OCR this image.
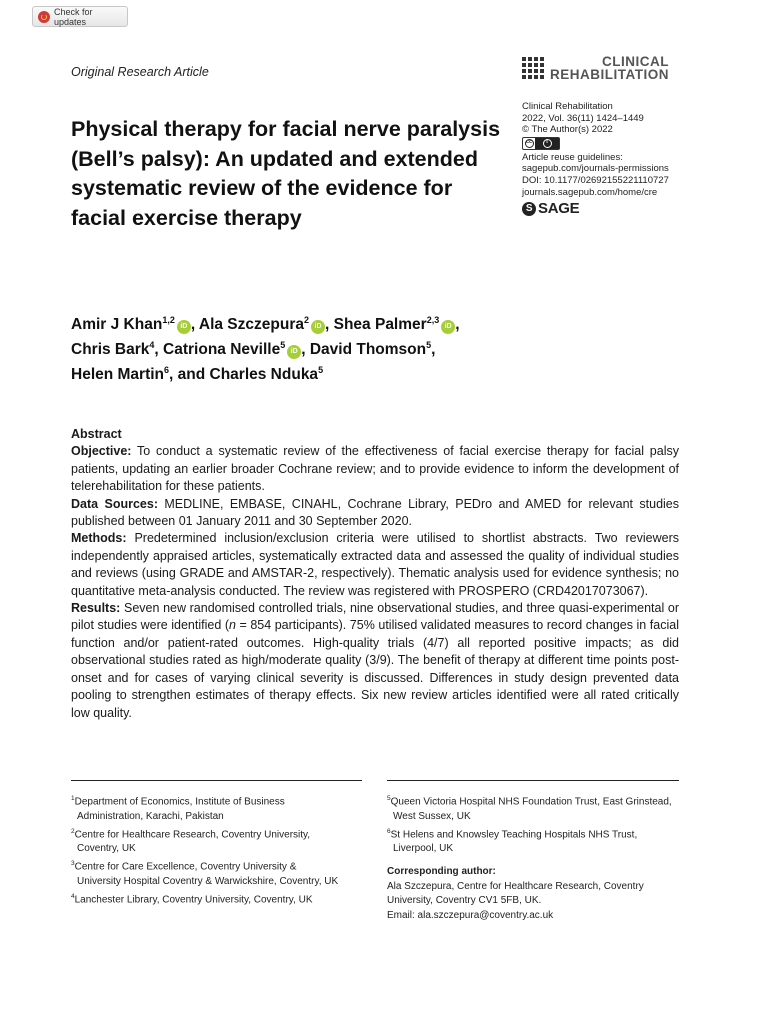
Check for updates
Original Research Article
CLINICAL
REHABILITATION
Clinical Rehabilitation
2022, Vol. 36(11) 1424–1449
© The Author(s) 2022
cc	i
Article reuse guidelines:
sagepub.com/journals-permissions
DOI: 10.1177/02692155221110727
journals.sagepub.com/home/cre
S SAGE
Physical therapy for facial nerve paralysis (Bell’s palsy): An updated and extended systematic review of the evidence for facial exercise therapy
Amir J Khan$^{1,2}$iD , Ala Szczepura$^2$iD , Shea Palmer$^{2,3}$iD ,
Chris Bark$^4$, Catriona Neville$^5$iD , David Thomson$^5$,
Helen Martin$^6$, and Charles Nduka$^5$

Abstract

Objective: To conduct a systematic review of the effectiveness of facial exercise therapy for facial palsy patients, updating an earlier broader Cochrane review; and to provide evidence to inform the development of telerehabilitation for these patients.

Data Sources: MEDLINE, EMBASE, CINAHL, Cochrane Library, PEDro and AMED for relevant studies published between 01 January 2011 and 30 September 2020.

Methods: Predetermined inclusion/exclusion criteria were utilised to shortlist abstracts. Two reviewers independently appraised articles, systematically extracted data and assessed the quality of individual studies and reviews (using GRADE and AMSTAR-2, respectively). Thematic analysis used for evidence synthesis; no quantitative meta-analysis conducted. The review was registered with PROSPERO (CRD42017073067).

Results: Seven new randomised controlled trials, nine observational studies, and three quasi-experimental or pilot studies were identified (n = 854 participants). 75% utilised validated measures to record changes in facial function and/or patient-rated outcomes. High-quality trials (4/7) all reported positive impacts; as did observational studies rated as high/moderate quality (3/9). The benefit of therapy at different time points post-onset and for cases of varying clinical severity is discussed. Differences in study design prevented data pooling to strengthen estimates of therapy effects. Six new review articles identified were all rated critically low quality.

$^1$Department of Economics, Institute of Business Administration, Karachi, Pakistan
$^2$Centre for Healthcare Research, Coventry University, Coventry, UK
$^3$Centre for Care Excellence, Coventry University & University Hospital Coventry & Warwickshire, Coventry, UK
$^4$Lanchester Library, Coventry University, Coventry, UK
$^5$Queen Victoria Hospital NHS Foundation Trust, East Grinstead, West Sussex, UK
$^6$St Helens and Knowsley Teaching Hospitals NHS Trust, Liverpool, UK
Corresponding author:
Ala Szczepura, Centre for Healthcare Research, Coventry University, Coventry CV1 5FB, UK.
Email: ala.szczepura@coventry.ac.uk
